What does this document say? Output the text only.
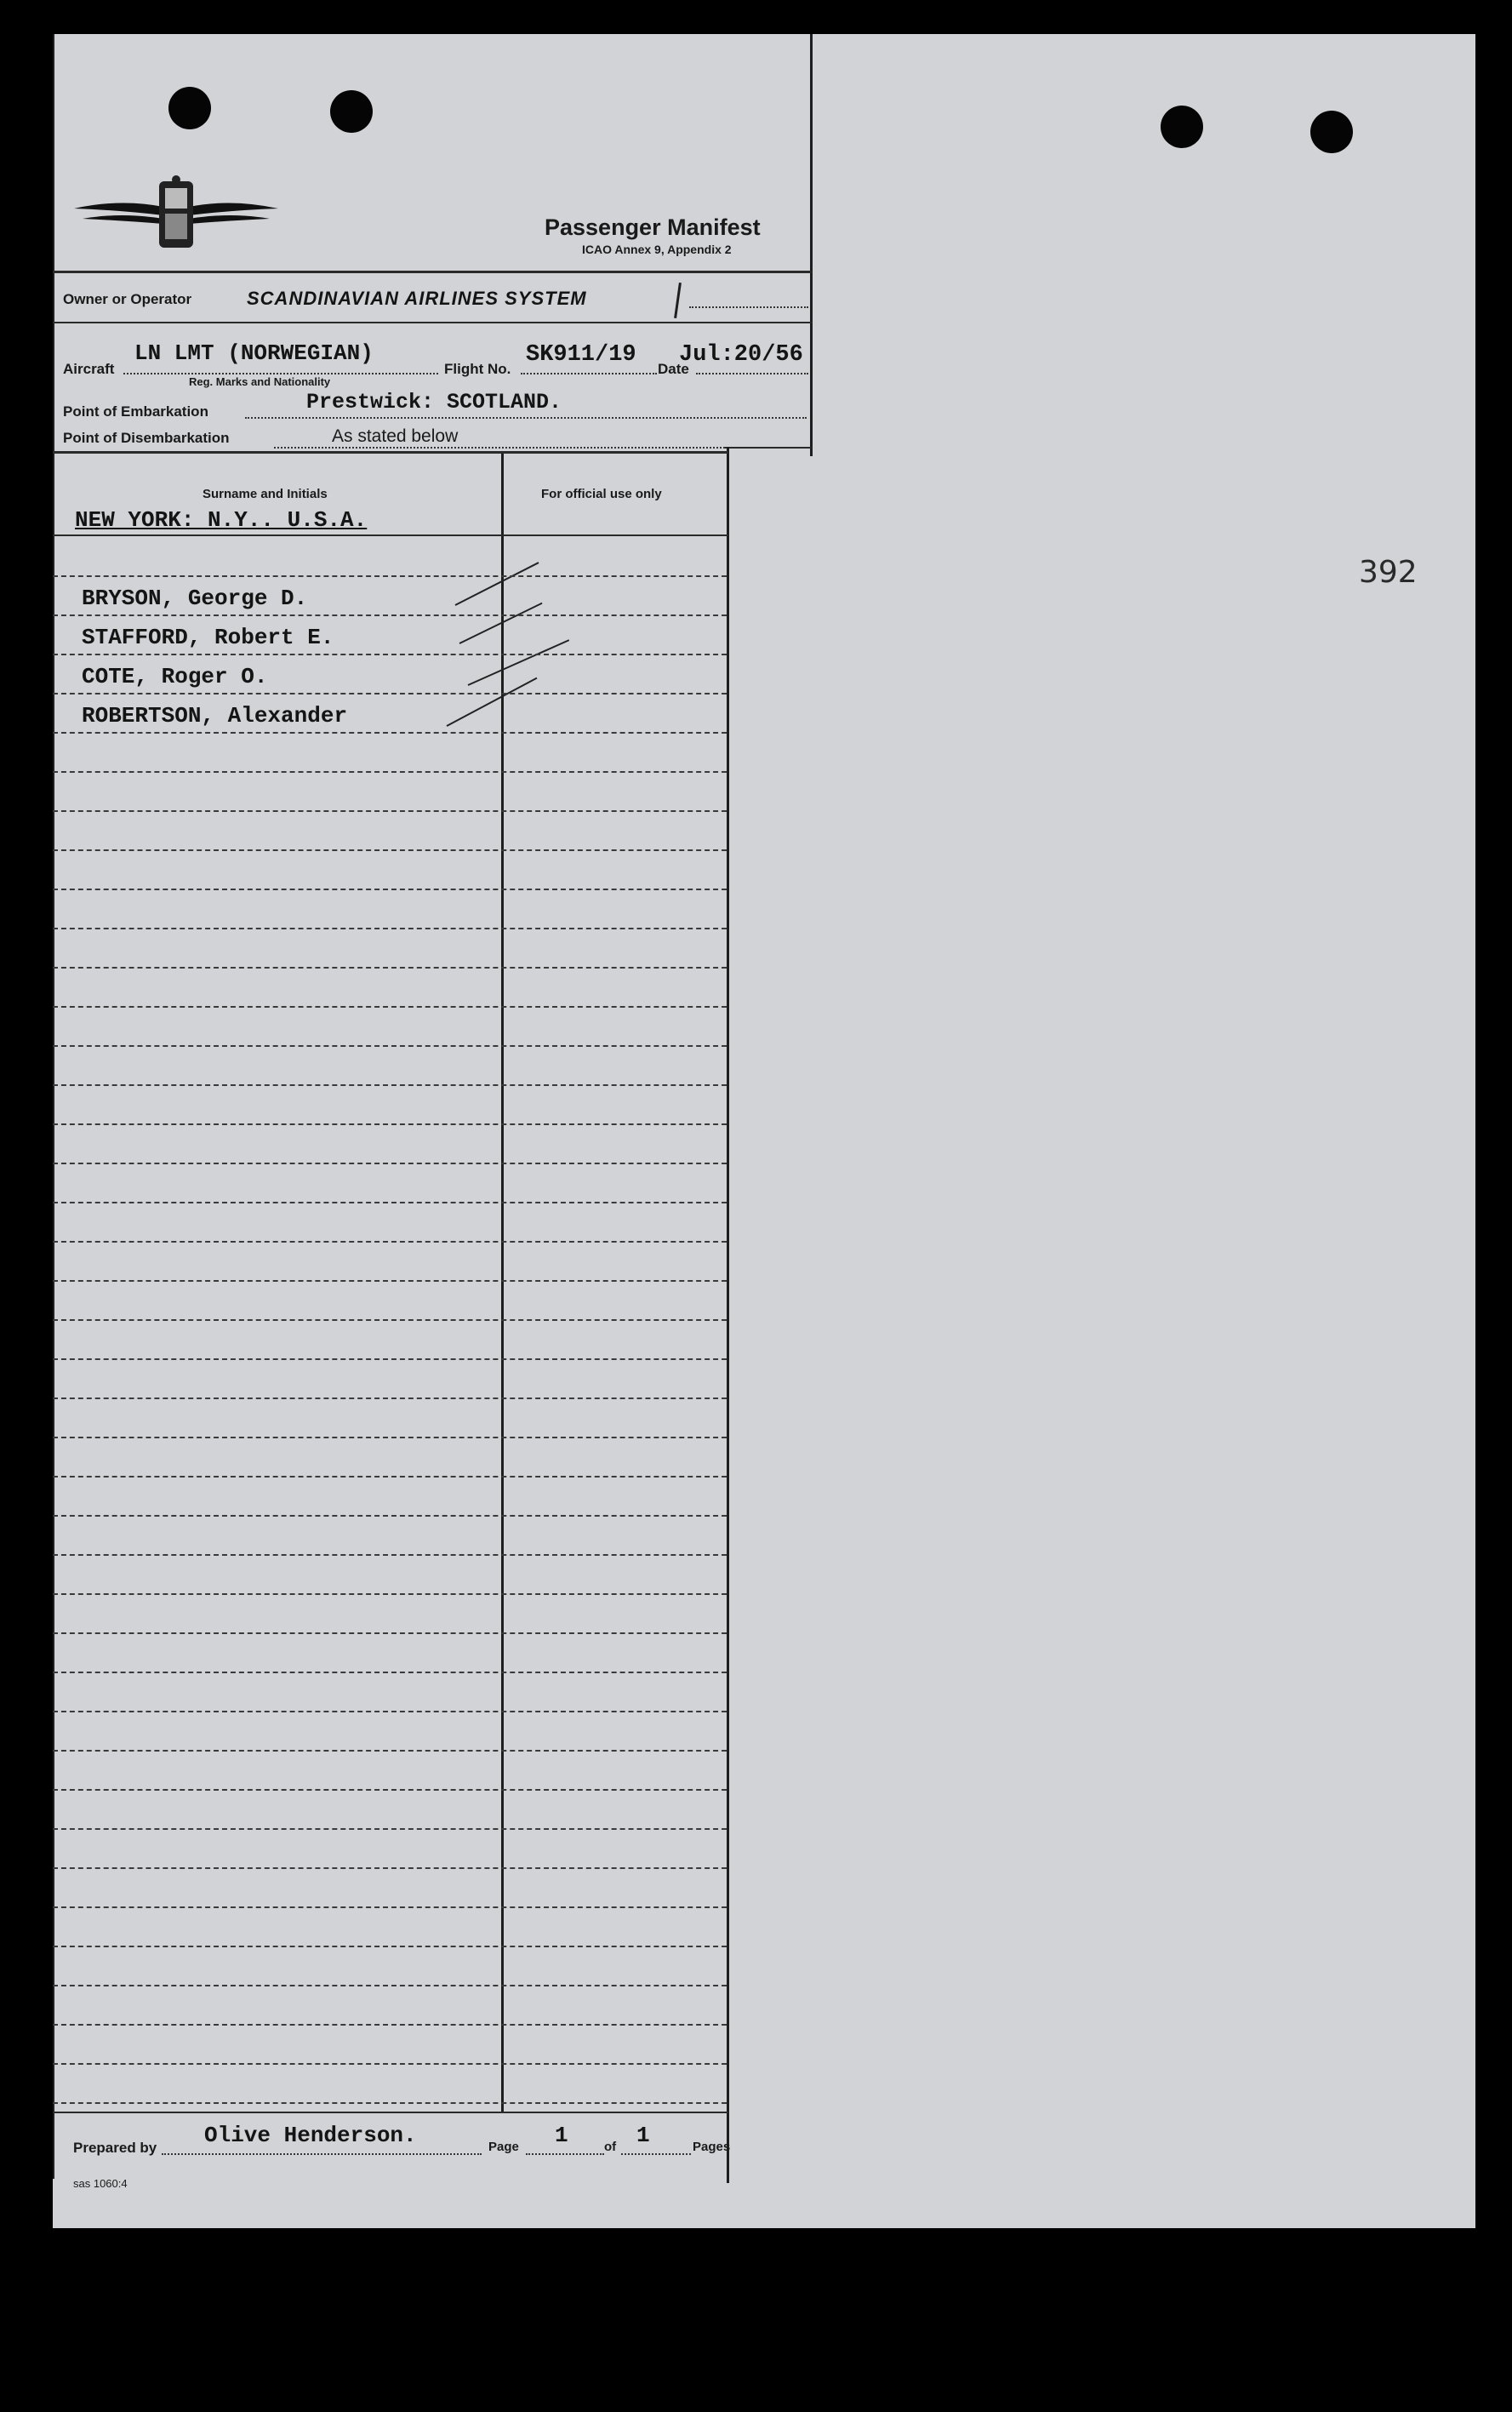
Passenger Manifest
ICAO Annex 9, Appendix 2
Owner or Operator	SCANDINAVIAN AIRLINES SYSTEM
Aircraft
LN LMT (NORWEGIAN)
Reg. Marks and Nationality
Flight No.
SK911/19
Date
Jul:20/56
Point of Embarkation	Prestwick: SCOTLAND.
Point of Disembarkation	As stated below
Surname and Initials	For official use only
NEW YORK: N.Y.. U.S.A.
BRYSON, George D.
STAFFORD, Robert E.
COTE, Roger O.
ROBERTSON, Alexander
Prepared by Olive Henderson.	Page 1	of 1	Pages
sas 1060:4
392
